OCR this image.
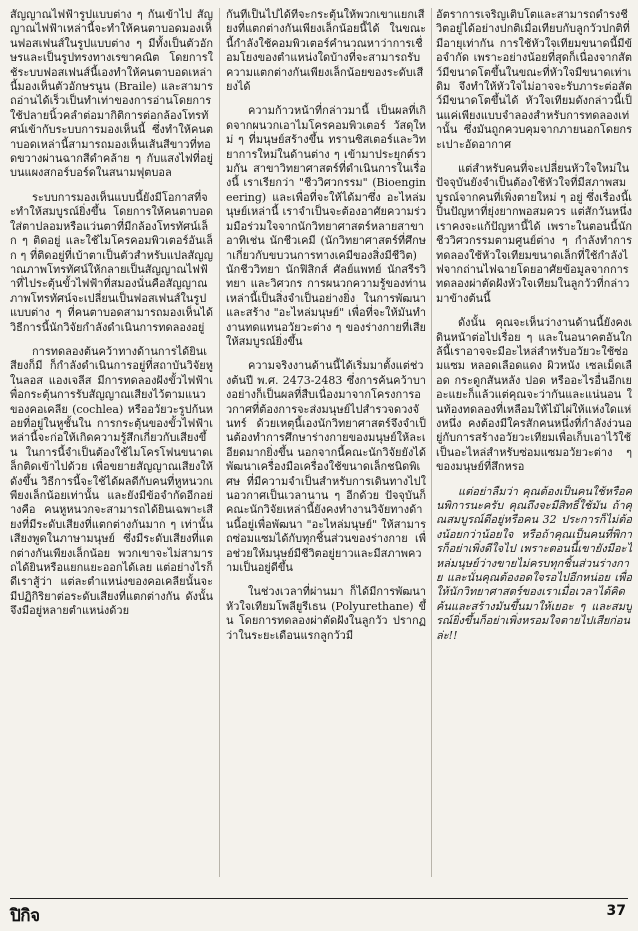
สัญญาณไฟฟ้ารูปแบบต่าง ๆ กันเข้าไป สัญญาณไฟฟ้าเหล่านี้จะทำให้คนตาบอดมองเห็นฟอสเฟนส์ในรูปแบบต่าง ๆ มีทั้งเป็นตัวอักษรและเป็นรูปทรงทางเรขาคณิต โดยการใช้ระบบฟอสเฟนส์นี้เองทำให้คนตาบอดเหล่านี้มองเห็นตัวอักษรนูน (Braile) และสามารถอ่านได้เร็วเป็นทำเท่าของการอ่านโดยการใช้ปลายนิ้วคลำต่อมากิติการต่อกล้องโทรทัศน์เข้ากับระบบการมองเห็นนี้ ซึ่งทำให้คนตาบอดเหล่านี้สามารถมองเห็นเส้นสีขาวที่ทอดขวางผ่านฉากสีดำคล้าย ๆ กับแสงไฟที่อยู่บนแผงสกอร์บอร์ดในสนามฟุตบอล

ระบบการมองเห็นแบบนี้ยังมีโอกาสที่จะทำให้สมบูรณ์ยิ่งขึ้น โดยการให้คนตาบอดใส่ตาปลอมหรือแว่นตาที่มีกล้องโทรทัศน์เล็ก ๆ ติดอยู่ และใช้ไมโครคอมพิวเตอร์อันเล็ก ๆ ที่ติดอยู่ที่เบ้าตาเป็นตัวสำหรับแปลสัญญาณภาพโทรทัศน์ให้กลายเป็นสัญญาณไฟฟ้าที่ไประตุ้นขั้วไฟฟ้าที่สมองนั่นคือสัญญาณภาพโทรทัศน์จะเปลี่ยนเป็นฟอสเฟนส์ในรูปแบบต่าง ๆ ที่คนตาบอดสามารถมองเห็นได้ วิธีการนี้นักวิจัยกำลังดำเนินการทดลองอยู่

การทดลองต้นคว้าทางด้านการได้ยินเสียงก็มี ก็กำลังดำเนินการอยู่ที่สถาบันวิจัยหูในลอส แองเจลีส มีการทดลองฝังขั้วไฟฟ้าเพื่อกระตุ้นการรับสัญญาณเสียงไว้ตามแนวของคอเคลีย (cochlea) หรืออวัยวะรูปก้นหอยที่อยู่ในหูชั้นใน การกระตุ้นของขั้วไฟฟ้าเหล่านี้จะก่อให้เกิดความรู้สึกเกี่ยวกับเสียงขึ้น ในการนี้จำเป็นต้องใช้ไมโครโฟนขนาดเล็กติดเข้าไปด้วย เพื่อขยายสัญญาณเสียงให้ดังขึ้น วิธีการนี้จะใช้ได้ผลดีกับคนที่หูหนวกเพียงเล็กน้อยเท่านั้น และยังมีข้อจำกัดอีกอย่างคือ คนหูหนวกจะสามารถได้ยินเฉพาะเสียงที่มีระดับเสียงที่แตกต่างกันมาก ๆ เท่านั้นเสียงพูดในภาษามนุษย์ ซึ่งมีระดับเสียงที่แตกต่างกันเพียงเล็กน้อย พวกเขาจะไม่สามารถได้ยินหรือแยกแยะออกได้เลย แต่อย่างไรก็ดีเราสู้ว่า แต่ละตำแหน่งของคอเคลียนั้นจะมีปฏิกิริยาต่อระดับเสียงที่แตกต่างกัน ดังนั้นจึงมีอยู่หลายตำแหน่งด้วย

กันที่เป็นไปได้ที่จะกระตุ้นให้พวกเขาแยกเสียงที่แตกต่างกันเพียงเล็กน้อยนี้ได้ ในขณะนี้กำลังใช้คอมพิวเตอร์คำนวณหาว่าการเชื่อมโยงของตำแหน่งใดบ้างที่จะสามารถรับความแตกต่างกันเพียงเล็กน้อยของระดับเสียงได้

ความก้าวหน้าที่กล่าวมานี้ เป็นผลที่เกิดจากผนวกเอาไมโครคอมพิวเตอร์ วัสดุใหม่ ๆ ที่มนุษย์สร้างขึ้น ทรานซิสเตอร์และวิทยาการใหม่ในด้านต่าง ๆ เข้ามาประยุกต์รวมกัน สาขาวิทยาศาสตร์ที่ดำเนินการในเรื่องนี้ เราเรียกว่า "ชีววิศวกรรม" (Bioengineering) และเพื่อที่จะให้ได้มาซึ่ง อะไหล่มนุษย์เหล่านี้ เราจำเป็นจะต้องอาศัยความร่วมมือร่วมใจจากนักวิทยาศาสตร์หลายสาขา อาทิเช่น นักชีวเคมี (นักวิทยาศาสตร์ที่ศึกษาเกี่ยวกับขบวนการทางเคมีของสิ่งมีชีวิต) นักชีววิทยา นักฟิสิกส์ ศัลย์แพทย์ นักสรีรวิทยา และวิศวกร การผนวกความรู้ของท่านเหล่านี้เป็นสิ่งจำเป็นอย่างยิ่ง ในการพัฒนา และสร้าง "อะไหล่มนุษย์" เพื่อที่จะให้มันทำงานทดแทนอวัยวะต่าง ๆ ของร่างกายที่เสียให้สมบูรณ์ยิ่งขึ้น

ความจริงงานด้านนี้ได้เริ่มมาตั้งแต่ช่วงต้นปี พ.ศ. 2473-2483 ซึ่งการค้นคว้าบางอย่างก็เป็นผลที่สืบเนื่องมาจากโครงการอวกาศที่ต้องการจะส่งมนุษย์ไปสำรวจดวงจันทร์ ด้วยเหตุนี้เองนักวิทยาศาสตร์จึงจำเป็นต้องทำการศึกษาร่างกายของมนุษย์ให้ละเอียดมากยิ่งขึ้น นอกจากนี้คณะนักวิจัยยังได้พัฒนาเครื่องมือเครื่องใช้ขนาดเล็กชนิดพิเศษ ที่มีความจำเป็นสำหรับการเดินทางไปในอวกาศเป็นเวลานาน ๆ อีกด้วย ปัจจุบันก็คณะนักวิจัยเหล่านี้ยังคงทำงานวิจัยทางด้านนี้อยู่เพื่อพัฒนา "อะไหล่มนุษย์" ให้สามารถซ่อมแซมได้กับทุกชิ้นส่วนของร่างกาย เพื่อช่วยให้มนุษย์มีชีวิตอยู่ยาวและมีสภาพความเป็นอยู่ดีขึ้น

ในช่วงเวลาที่ผ่านมา ก็ได้มีการพัฒนาหัวใจเทียมโพลียูรีเธน (Polyurethane) ขึ้น โดยการทดลองผ่าตัดฝังในลูกวัว ปรากฏว่าในระยะเดือนแรกลูกวัวมี

อัตราการเจริญเติบโตและสามารถดำรงชีวิตอยู่ได้อย่างปกติเมื่อเทียบกับลูกวัวปกติที่มีอายุเท่ากัน การใช้หัวใจเทียมขนาดนี้มีข้อจำกัด เพราะอย่างน้อยที่สุดก็เนื่องจากสัตว์มีขนาดโตขึ้นในขณะที่หัวใจมีขนาดเท่าเดิม จึงทำให้หัวใจไม่อาจจะรับภาระต่อสัตว์มีขนาดโตขึ้นได้ หัวใจเทียมดังกล่าวนี้เป็นแค่เพียงแบบจำลองสำหรับการทดลองเท่านั้น ซึ่งมันถูกควบคุมจากภายนอกโดยกระเปาะอัดอากาศ

แต่สำหรับคนที่จะเปลี่ยนหัวใจใหม่ในปัจจุบันยังจำเป็นต้องใช้หัวใจที่มีสภาพสมบูรณ์จากคนที่เพิ่งตายใหม่ ๆ อยู่ ซึ่งเรื่องนี้เป็นปัญหาที่ยุ่งยากพอสมควร แต่สักวันหนึ่งเราคงจะแก้ปัญหานี้ได้ เพราะในตอนนี้นักชีววิศวกรรมตามศูนย์ต่าง ๆ กำลังทำการทดลองใช้หัวใจเทียมขนาดเล็กที่ใช้กำลังไฟจากถ่านไฟฉายโดยอาศัยข้อมูลจากการทดลองผ่าตัดฝังหัวใจเทียมในลูกวัวที่กล่าวมาข้างต้นนี้

ดังนั้น คุณจะเห็นว่างานด้านนี้ยังคงเดินหน้าต่อไปเรื่อย ๆ และในอนาคตอันใกล้นี้เราอาจจะมีอะไหล่สำหรับอวัยวะใช้ซ่อมแซม หลอดเลือดแดง ผิวหนัง เซลเม็ดเลือด กระดูกสันหลัง ปอด หรืออะไรอื่นอีกเยอะแยะก็แล้วแต่คุณจะว่ากันและแน่นอน ในท้องทดลองที่เหลือมให้ไม้ไผ่ให้แห่งใดแห่งหนึ่ง คงต้องมีใครสักคนหนึ่งที่กำลังง่วนอยู่กับการสร้างอวัยวะเทียมเพื่อเก็บเอาไว้ใช้เป็นอะไหล่สำหรับซ่อมแซมอวัยวะต่าง ๆ ของมนุษย์ที่สึกหรอ

แต่อย่าลืมว่า คุณต้องเป็นคนใช้หรือคนพิการนะครับ คุณถึงจะมีสิทธิ์ใช้มัน ถ้าคุณสมบูรณ์ดีอยู่หรือคน 32 ประการก็ไม่ต้องน้อยกว่าน้อยใจ หรือถ้าคุณเป็นคนที่พิการก็อย่าเพิ่งดีใจไป เพราะตอนนี้เขายังมีอะไหล่มนุษย์ว่างขายไม่ครบทุกชิ้นส่วนร่างกาย และนั่นคุณต้องอดใจรอไปอีกหน่อย เพื่อให้นักวิทยาศาสตร์ของเราเมื่อเวลาได้คิดค้นและสร้างมันขึ้นมาให้เยอะ ๆ และสมบูรณ์ยิ่งขึ้นก็อย่าเพิ่งหรอมใจตายไปเสียก่อนล่ะ!!

ปิกิจ	37
